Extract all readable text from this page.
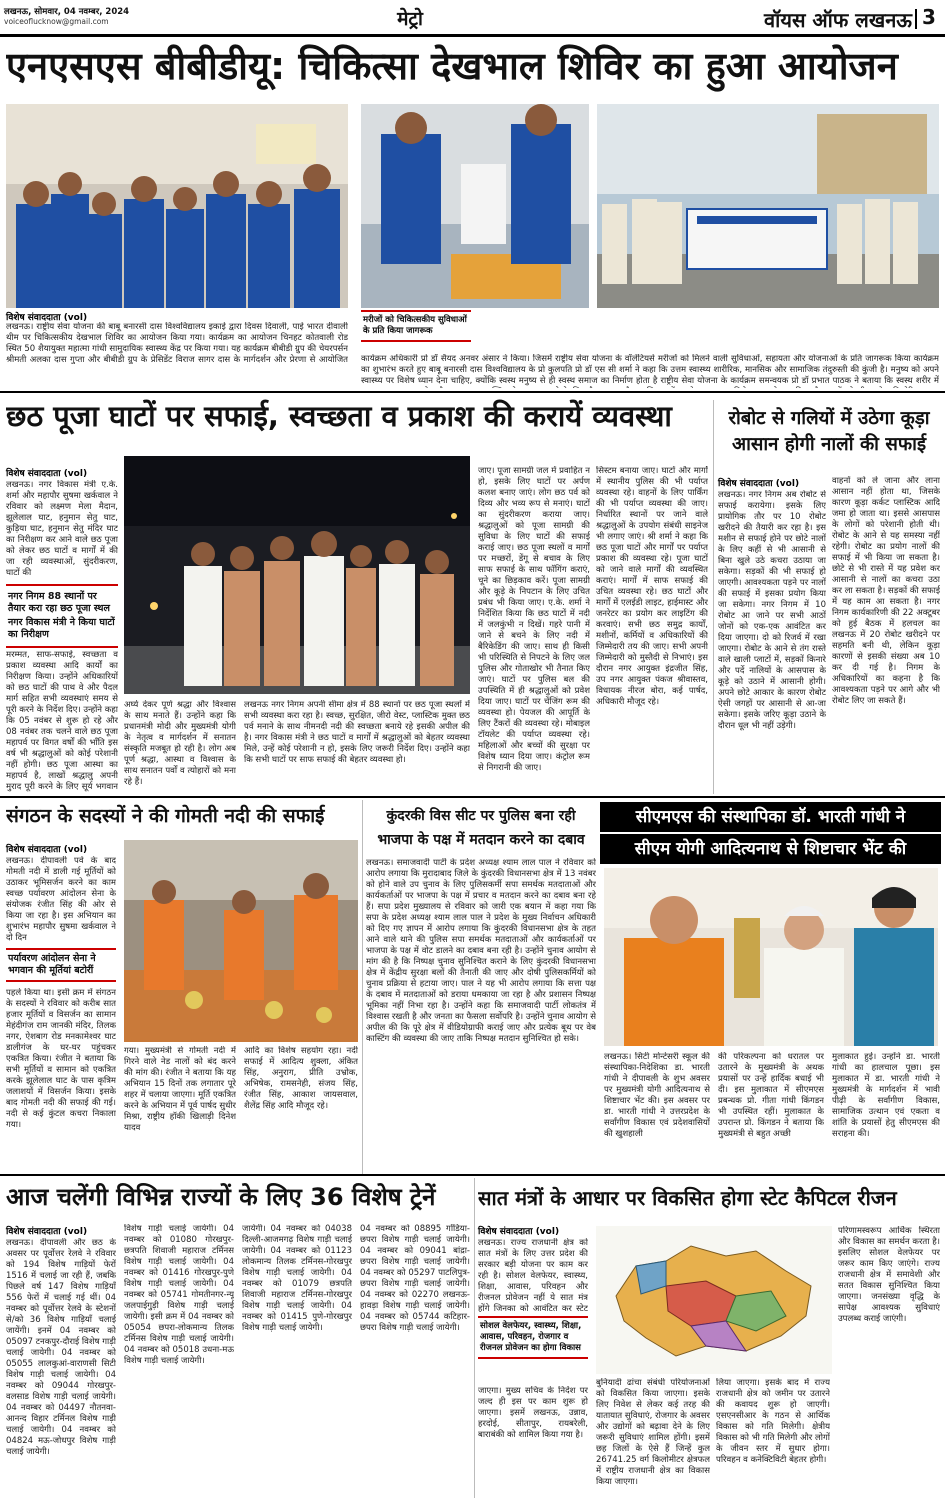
लखनऊ, सोमवार, 04 नवम्बर, 2024
voiceoflucknow@gmail.com	मेट्रो	वॉयस ऑफ लखनऊ 3
एनएसएस बीबीडीयू: चिकित्सा देखभाल शिविर का हुआ आयोजन
विशेष संवाददाता (vol)
लखनऊ। राष्ट्रीय सेवा योजना की बाबू बनारसी दास विश्वविद्यालय इकाई द्वारा दिवस दिवाली, पाई भारत दीवाली थीम पर चिकित्सकीय देखभाल शिविर का आयोजन किया गया। कार्यक्रम का आयोजन चिनहट कोतवाली रोड स्थित 50 शैयायुक्त महात्मा गांधी सामुदायिक स्वास्थ्य केंद्र पर किया गया। यह कार्यक्रम बीबीडी ग्रुप की चेयरपर्सन श्रीमती अलका दास गुप्ता और बीबीडी ग्रुप के प्रेसिडेंट विराज सागर दास के मार्गदर्शन और प्रेरणा से आयोजित कार्यक्रम अधिकारी प्रो डॉ सैयद अनवर अंसार ने किया। जिसमें राष्ट्रीय सेवा योजना के वॉलेंटियर्स मरीजों को मिलने वाली सुविधाओं, सहायता और योजनाओं के प्रति जागरूक किया कार्यक्रम का शुभारंभ करते हुए बाबू बनारसी दास विश्वविद्यालय के प्रो कुलपति प्रो डॉ एस सी शर्मा ने कहा कि उत्तम स्वास्थ्य शारीरिक, मानसिक और सामाजिक तंदुरुस्ती की कुंजी है। मनुष्य को अपने स्वास्थ्य पर विशेष ध्यान देना चाहिए, क्योंकि स्वस्थ मनुष्य से ही स्वस्थ समाज का निर्माण होता है राष्ट्रीय सेवा योजना के कार्यक्रम समन्वयक प्रो डॉ प्रभात पाठक ने बताया कि स्वस्थ शरीर में
मरीजों को चिकित्सकीय सुविधाओं के प्रति किया जागरूक
छठ पूजा घाटों पर सफाई, स्वच्छता व प्रकाश की करायें व्यवस्था
विशेष संवाददाता (vol)
लखनऊ। नगर विकास मंत्री ए.के. शर्मा और महापौर सुषमा खर्कवाल ने रविवार को लक्ष्मण मेला मैदान, झूलेलाल घाट, हनुमान सेतु घाट, कुड़िया घाट, हनुमान सेतु मंदिर घाट का निरीक्षण कर आने वाले छठ पूजा को लेकर छठ घाटों व मार्गों में की जा रही व्यवस्थाओं, सुंदरीकरण, घाटों की

नगर निगम 88 स्थानों पर तैयार करा रहा छठ पूजा स्थल

नगर विकास मंत्री ने किया घाटों का निरीक्षण

मरम्मत, साफ-सफाई, स्वच्छता व प्रकाश व्यवस्था आदि कार्यों का निरीक्षण किया। उन्होंने अधिकारियों को छठ घाटों की पाथ वे और पैदल मार्ग सहित सभी व्यवस्थाएं समय से पूरी करने के निर्देश दिए। उन्होंने कहा कि 05 नवंबर से शुरू हो रहे और 08 नवंबर तक चलने वाले छठ पूजा महापर्व पर विगत वर्षों की भाँति इस वर्ष भी श्रद्धालुओं को कोई परेशानी नहीं होगी। छठ पूजा आस्था का महापर्व है, लाखों श्रद्धालु अपनी मुराद पूरी करने के लिए सूर्य भगवान
अर्घ्य देकर पूर्ण श्रद्धा और विश्वास के साथ मनाते हैं। उन्होंने कहा कि प्रधानमंत्री मोदी और मुख्यमंत्री योगी के नेतृत्व व मार्गदर्शन में सनातन संस्कृति मजबूत हो रही है। लोग अब पूर्ण श्रद्धा, आस्था व विश्वास के साथ सनातन पर्वों व त्योहारों को मना रहे हैं।
लखनऊ नगर निगम अपनी सीमा क्षेत्र में 88 स्थानों पर छठ पूजा स्थलों में सभी व्यवस्था करा रहा है। स्वच्छ, सुरक्षित, जीरो वेस्ट, प्लास्टिक मुक्त छठ पर्व मनाने के साथ नीमनदी नदी की स्वच्छता बनाये रहे इसकी अपील की है। नगर विकास मंत्री ने छठ घाटों व मार्गों में श्रद्धालुओं को बेहतर व्यवस्था मिले, उन्हें कोई परेशानी न हो, इसके लिए जरूरी निर्देश दिए। उन्होंने कहा कि सभी घाटों पर साफ सफाई की बेहतर व्यवस्था हो।
जाए। पूजा सामग्री जल में प्रवाहित न हो, इसके लिए घाटों पर अर्पण कलश बनाए जाएं। लोग छठ पर्व को दिव्य और भव्य रूप से मनाएं। घाटों का सुंदरीकरण कराया जाए। श्रद्धालुओं को पूजा सामग्री की सुविधा के लिए घाटों की सफाई कराई जाए। छठ पूजा स्थलों व मार्गों पर मच्छरों, डेंगू से बचाव के लिए साफ सफाई के साथ फॉगिंग कराएं, चूने का छिड़काव करें। पूजा सामग्री और कूड़े के निपटान के लिए उचित प्रबंध भी किया जाए। ए.के. शर्मा ने निर्देशित किया कि छठ घाटों में नदी में जलकुंभी न दिखें। गहरे पानी में जाने से बचने के लिए नदी में बैरिकेडिंग की जाए। साथ ही किसी भी परिस्थिति से निपटने के लिए जल पुलिस और गोताखोर भी तैनात किए जाएं। घाटों पर पुलिस बल की उपस्थिति में ही श्रद्धालुओं को प्रवेश दिया जाए। घाटों पर चेंजिंग रूम की व्यवस्था हो। पेयजल की आपूर्ति के लिए टैंकरों की व्यवस्था रहे। मोबाइल टॉयलेट की पर्याप्त व्यवस्था रहे। महिलाओं और बच्चों की सुरक्षा पर विशेष ध्यान दिया जाए। कंट्रोल रूम से निगरानी की जाए।
सिस्टम बनाया जाए। घाटों और मार्गों में स्थानीय पुलिस की भी पर्याप्त व्यवस्था रहे। वाहनों के लिए पार्किंग की भी पर्याप्त व्यवस्था की जाए। निर्धारित स्थानों पर जाने वाले श्रद्धालुओं के उपयोग संबंधी साइनेज भी लगाए जाएं। श्री शर्मा ने कहा कि छठ पूजा घाटों और मार्गों पर पर्याप्त प्रकाश की व्यवस्था रहे। पूजा घाटों को जाने वाले मार्गों की व्यवस्थित कराएं। मार्गों में साफ सफाई की उचित व्यवस्था रहे। छठ घाटों और मार्गों में एलईडी लाइट, हाईमास्ट और जनरेटर का प्रयोग कर लाइटिंग की करवाएं। सभी छठ समुद्र कार्यों, मशीनों, कर्मियों व अधिकारियों की जिम्मेदारी तय की जाए। सभी अपनी जिम्मेदारी को मुस्तैदी से निभाएं। इस दौरान नगर आयुक्त इंद्रजीत सिंह, उप नगर आयुक्त पंकज श्रीवास्तव, विधायक नीरज बोरा, कई पार्षद, अधिकारी मौजूद रहे।
रोबोट से गलियों में उठेगा कूड़ा
आसान होगी नालों की सफाई
विशेष संवाददाता (vol)
लखनऊ। नगर निगम अब रोबोट से सफाई करायेगा। इसके लिए प्रायोगिक तौर पर 10 रोबोट खरीदने की तैयारी कर रहा है। इस मशीन से सफाई होने पर छोटे नालों के लिए कहीं से भी आसानी से बिना खुले उठे कचरा उठाया जा सकेगा। सड़कों की भी सफाई हो जाएगी। आवश्यकता पड़ने पर नालों की सफाई में इसका प्रयोग किया जा सकेगा। नगर निगम में 10 रोबोट आ जाने पर सभी आठों जोनों को एक-एक आवंटित कर दिया जाएगा। दो को रिजर्व में रखा जाएगा। रोबोट के आने से तंग रास्ते वाले खाली प्लाटों में, सड़कों किनारे और पर्दे नालियों के आसपास के कूड़े को उठाने में आसानी होगी। अपने छोटे आकार के कारण रोबोट ऐसी जगहों पर आसानी से आ-जा सकेगा। इसके जरिए कूड़ा उठाने के दौरान धूल भी नहीं उड़ेगी।
वाहनों को ले जाना और लाना आसान नहीं होता था, जिसके कारण कूड़ा कर्कट प्लास्टिक आदि जमा हो जाता था। इससे आसपास के लोगों को परेशानी होती थी। रोबोट के आने से यह समस्या नहीं रहेगी। रोबोट का प्रयोग नालों की सफाई में भी किया जा सकता है। छोटे से भी रास्ते में यह प्रवेश कर आसानी से नालों का कचरा उठा कर ला सकता है। सड़कों की सफाई में यह काम आ सकता है। नगर निगम कार्यकारिणी की 22 अक्टूबर को हुई बैठक में हलचल का लखनऊ में 20 रोबोट खरीदने पर सहमति बनी थी, लेकिन कूड़ा कारणों से इसकी संख्या अब 10 कर दी गई है। निगम के अधिकारियों का कहना है कि आवश्यकता पड़ने पर आगे और भी रोबोट लिए जा सकते हैं।
संगठन के सदस्यों ने की गोमती नदी की सफाई
विशेष संवाददाता (vol)
लखनऊ। दीपावली पर्व के बाद गोमती नदी में डाली गई मूर्तियों को उठाकर भूमिसर्जन करने का काम स्वच्छ पर्यावरण आंदोलन सेना के संयोजक रंजीत सिंह की ओर से किया जा रहा है। इस अभियान का शुभारंभ महापौर सुषमा खर्कवाल ने दो दिन
पर्यावरण आंदोलन सेना ने भगवान की मूर्तियां बटोरीं
पहले किया था। इसी क्रम में संगठन के सदस्यों ने रविवार को करीब सात हजार मूर्तियों व विसर्जन का सामान मेहंदीगंज राम जानकी मंदिर, तिलक नगर, ऐशबाग रोड मनकामेश्वर घाट डालीगंज के घर-घर पहुंचकर एकत्रित किया। रंजीत ने बताया कि सभी मूर्तियों व सामान को एकत्रित करके झूलेलाल घाट के पास कृत्रिम जलाशयों में विसर्जन किया। इसके बाद गोमती नदी की सफाई की गई। नदी से कई कुंटल कचरा निकाला गया।
गया। मुख्यमंत्री से गोमती नदी में गिरने वाले नेड नालों को बंद करने की मांग की। रंजीत ने बताया कि यह अभियान 15 दिनों तक लगातार पूरे शहर में चलाया जाएगा। मूर्ति एकत्रित करने के अभियान में पूर्व पार्षद सुधीर मिश्रा, राष्ट्रीय हॉकी खिलाड़ी दिनेश यादव
आदि का विशेष सहयोग रहा। नदी सफाई में आदित्य शुक्ला, अंकित सिंह, अनुराग, प्रीति उभ्रोक, अभिषेक, रामसनेही, संजय सिंह, रंजीत सिंह, आकाश जायसवाल, शैलेंद्र सिंह आदि मौजूद रहे।
कुंदरकी विस सीट पर पुलिस बना रही
भाजपा के पक्ष में मतदान करने का दबाव
लखनऊ। समाजवादी पार्टी के प्रदेश अध्यक्ष श्याम लाल पाल ने रविवार को आरोप लगाया कि मुरादाबाद जिले के कुंदरकी विधानसभा क्षेत्र में 13 नवंबर को होने वाले उप चुनाव के लिए पुलिसकर्मी सपा समर्थक मतदाताओं और कार्यकर्ताओं पर भाजपा के पक्ष में प्रचार व मतदान करने का दबाव बना रहे हैं। सपा प्रदेश मुख्यालय से रविवार को जारी एक बयान में कहा गया कि सपा के प्रदेश अध्यक्ष श्याम लाल पाल ने प्रदेश के मुख्य निर्वाचन अधिकारी को दिए गए ज्ञापन में आरोप लगाया कि कुंदरकी विधानसभा क्षेत्र के तहत आने वाले थाने की पुलिस सपा समर्थक मतदाताओं और कार्यकर्ताओं पर भाजपा के पक्ष में वोट डालने का दबाव बना रही है। उन्होंने चुनाव आयोग से मांग की है कि निष्पक्ष चुनाव सुनिश्चित कराने के लिए कुंदरकी विधानसभा क्षेत्र में केंद्रीय सुरक्षा बलों की तैनाती की जाए और दोषी पुलिसकर्मियों को चुनाव प्रक्रिया से हटाया जाए। पाल ने यह भी आरोप लगाया कि सत्ता पक्ष के दबाव में मतदाताओं को डराया धमकाया जा रहा है और प्रशासन निष्पक्ष भूमिका नहीं निभा रहा है। उन्होंने कहा कि समाजवादी पार्टी लोकतंत्र में विश्वास रखती है और जनता का फैसला सर्वोपरि है। उन्होंने चुनाव आयोग से अपील की कि पूरे क्षेत्र में वीडियोग्राफी कराई जाए और प्रत्येक बूथ पर वेब कास्टिंग की व्यवस्था की जाए ताकि निष्पक्ष मतदान सुनिश्चित हो सके।
सीएमएस की संस्थापिका डॉ. भारती गांधी ने
सीएम योगी आदित्यनाथ से शिष्टाचार भेंट की
लखनऊ। सिटी मोन्टेसरी स्कूल की संस्थापिका-निदेशिका डा. भारती गांधी ने दीपावली के शुभ अवसर पर मुख्यमंत्री योगी आदित्यनाथ से शिष्टाचार भेंट की। इस अवसर पर डा. भारती गांधी ने उत्तरप्रदेश के सर्वांगीण विकास एवं प्रदेशवासियों की खुशहाली
की परिकल्पना को धरातल पर उतारने के मुख्यमंत्री के अथक प्रयासों पर उन्हें हार्दिक बधाई भी दी। इस मुलाकात में सीएमएस प्रबन्धक प्रो. गीता गांधी किंगडन भी उपस्थित रहीं। मुलाकात के उपरान्त प्रो. किंगडन ने बताया कि मुख्यमंत्री से बहुत अच्छी
मुलाकात हुई। उन्होंने डा. भारती गांधी का हालचाल पूछा। इस मुलाकात में डा. भारती गांधी ने मुख्यमंत्री के मार्गदर्शन में भावी पीढ़ी के सर्वांगीण विकास, सामाजिक उत्थान एवं एकता व शांति के प्रयासों हेतु सीएमएस की सराहना की।
आज चलेंगी विभिन्न राज्यों के लिए 36 विशेष ट्रेनें
विशेष संवाददाता (vol)
लखनऊ। दीपावली और छठ के अवसर पर पूर्वोत्तर रेलवे ने रविवार को 194 विशेष गाड़ियों फेरों 1516 में चलाई जा रही हैं, जबकि पिछले वर्ष 147 विशेष गाड़ियाँ 556 फेरों में चलाई गई थीं। 04 नवम्बर को पूर्वोत्तर रेलवे के स्टेशनों से/को 36 विशेष गाड़ियाँ चलाई जायेंगी। इनमें 04 नवम्बर को 05097 टनकपुर-दौराई विशेष गाड़ी चलाई जायेगी। 04 नवम्बर को 05055 लालकुआं-वाराणसी सिटी विशेष गाड़ी चलाई जायेगी। 04 नवम्बर को 09044 गोरखपुर-वलसाड विशेष गाड़ी चलाई जायेगी। 04 नवम्बर को 04497 नौतनवा-आनन्द विहार टर्मिनल विशेष गाड़ी चलाई जायेगी। 04 नवम्बर को 04824 मऊ-जोधपुर विशेष गाड़ी चलाई जायेगी।
विशेष गाड़ी चलाई जायेगी। 04 नवम्बर को 01080 गोरखपुर-छत्रपति शिवाजी महाराज टर्मिनस विशेष गाड़ी चलाई जायेगी। 04 नवम्बर को 01416 गोरखपुर-पुणे विशेष गाड़ी चलाई जायेगी। 04 नवम्बर को 05741 गोमतीनगर-न्यू जलपाईगुड़ी विशेष गाड़ी चलाई जायेगी। इसी क्रम में 04 नवम्बर को 05054 छपरा-लोकमान्य तिलक टर्मिनस विशेष गाड़ी चलाई जायेगी। 04 नवम्बर को 05018 उधना-मऊ विशेष गाड़ी चलाई जायेगी।
जायेगी। 04 नवम्बर को 04038 दिल्ली-आजमगढ़ विशेष गाड़ी चलाई जायेगी। 04 नवम्बर को 01123 लोकमान्य तिलक टर्मिनस-गोरखपुर विशेष गाड़ी चलाई जायेगी। 04 नवम्बर को 01079 छत्रपति शिवाजी महाराज टर्मिनस-गोरखपुर विशेष गाड़ी चलाई जायेगी। 04 नवम्बर को 01415 पुणे-गोरखपुर विशेष गाड़ी चलाई जायेगी।
04 नवम्बर को 08895 गोंडिया-छपरा विशेष गाड़ी चलाई जायेगी। 04 नवम्बर को 09041 बांद्रा-छपरा विशेष गाड़ी चलाई जायेगी। 04 नवम्बर को 05297 पाटलिपुत्र-छपरा विशेष गाड़ी चलाई जायेगी। 04 नवम्बर को 02270 लखनऊ-हावड़ा विशेष गाड़ी चलाई जायेगी। 04 नवम्बर को 05744 कटिहार-छपरा विशेष गाड़ी चलाई जायेगी।
सात मंत्रों के आधार पर विकसित होगा स्टेट कैपिटल रीजन
विशेष संवाददाता (vol)
लखनऊ। राज्य राजधानी क्षेत्र को सात मंत्रों के लिए उत्तर प्रदेश की सरकार बड़ी योजना पर काम कर रही है। सोशल वेलफेयर, स्वास्थ्य, शिक्षा, आवास, परिवहन और रीजनल प्रोवेजन नहीं ये सात मंत्र होंगे जिनका को आवंटित कर स्टेट
सोशल वेलफेयर, स्वास्थ्य, शिक्षा, आवास, परिवहन, रोजगार व रीजनल प्रोवेजन का होगा विकास
जाएगा। मुख्य सचिव के निर्देश पर जल्द ही इस पर काम शुरू हो जाएगा। इसमें लखनऊ, उन्नाव, हरदोई, सीतापुर, रायबरेली, बाराबंकी को शामिल किया गया है।
बुनियादी ढांचा संबंधी परियोजनाओं को विकसित किया जाएगा। इसके लिए निवेश से लेकर कई तरह की यातायात सुविधाएं, रोजगार के अवसर और उद्योगों को बढ़ावा देने के लिए जरूरी सुविधाएं शामिल होंगी। इसमें छह जिलों के ऐसे हैं जिन्हें कुल 26741.25 वर्ग किलोमीटर क्षेत्रफल में राष्ट्रीय राजधानी क्षेत्र का विकास किया जाएगा।
लिया जाएगा। इसके बाद में राज्य राजधानी क्षेत्र को जमीन पर उतारने की कवायद शुरू हो जाएगी। एसएनसीआर के गठन से आर्थिक विकास को गति मिलेगी। क्षेत्रीय विकास को भी गति मिलेगी और लोगों के जीवन स्तर में सुधार होगा। परिवहन व कनेक्टिविटी बेहतर होगी।
परिणामस्वरूप आर्थिक स्थिरता और विकास का समर्थन करता है। इसलिए सोशल वेलफेयर पर जरूर काम किए जाएंगे। राज्य राजधानी क्षेत्र में समावेशी और सतत विकास सुनिश्चित किया जाएगा। जनसंख्या वृद्धि के सापेक्ष आवश्यक सुविधाएं उपलब्ध कराई जाएंगी।
